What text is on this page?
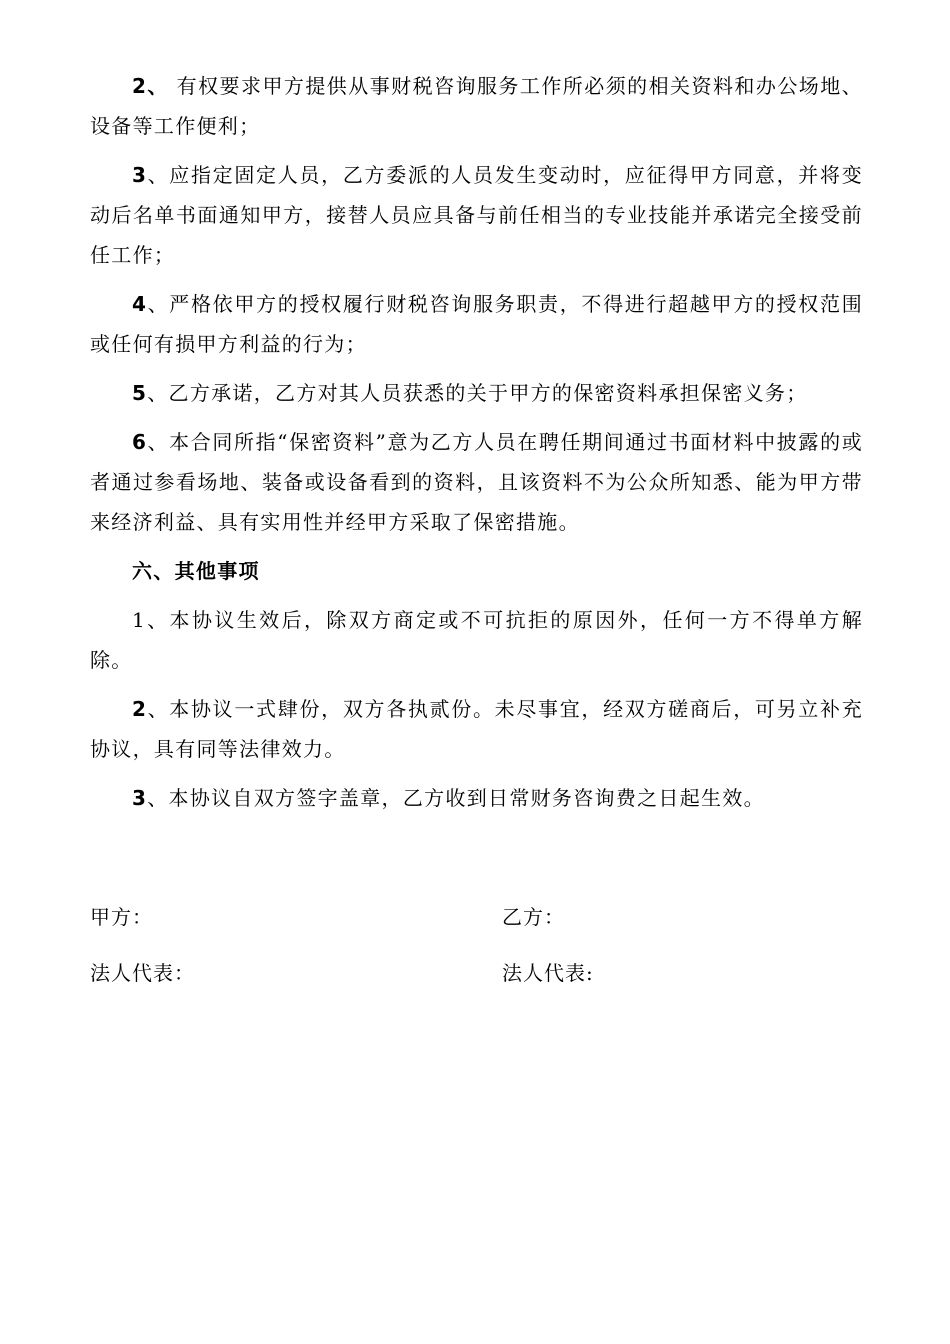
2、 有权要求甲方提供从事财税咨询服务工作所必须的相关资料和办公场地、设备等工作便利；

3、应指定固定人员，乙方委派的人员发生变动时，应征得甲方同意，并将变动后名单书面通知甲方，接替人员应具备与前任相当的专业技能并承诺完全接受前任工作；

4、严格依甲方的授权履行财税咨询服务职责，不得进行超越甲方的授权范围或任何有损甲方利益的行为；

5、乙方承诺，乙方对其人员获悉的关于甲方的保密资料承担保密义务；

6、本合同所指“保密资料”意为乙方人员在聘任期间通过书面材料中披露的或者通过参看场地、装备或设备看到的资料，且该资料不为公众所知悉、能为甲方带来经济利益、具有实用性并经甲方采取了保密措施。

六、其他事项

1、本协议生效后，除双方商定或不可抗拒的原因外，任何一方不得单方解除。

2、本协议一式肆份，双方各执贰份。未尽事宜，经双方磋商后，可另立补充协议，具有同等法律效力。

3、本协议自双方签字盖章，乙方收到日常财务咨询费之日起生效。

甲方：	乙方：
法人代表：	法人代表:
